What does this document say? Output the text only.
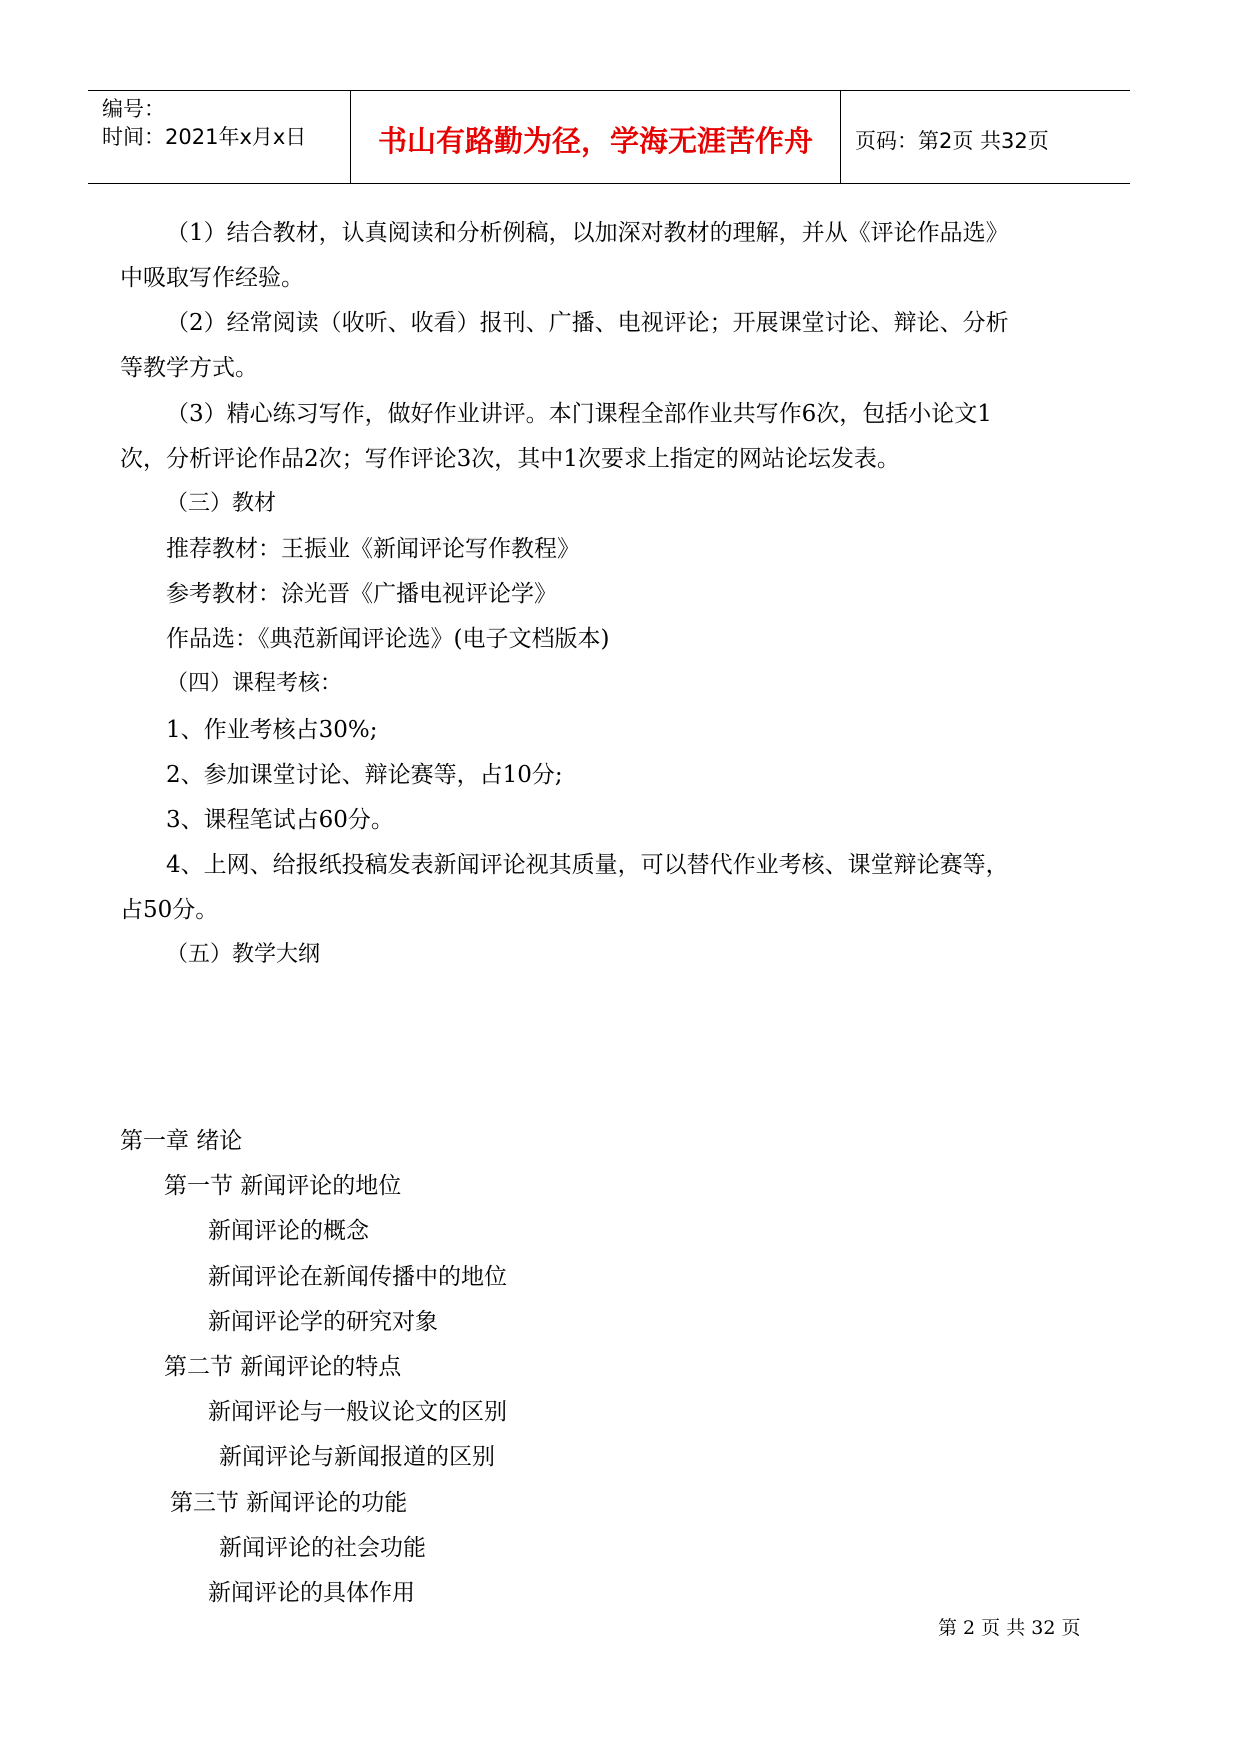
编号：
时间：2021年x月x日	书山有路勤为径，学海无涯苦作舟	页码：第2页 共32页
（1）结合教材，认真阅读和分析例稿，以加深对教材的理解，并从《评论作品选》
中吸取写作经验。
（2）经常阅读（收听、收看）报刊、广播、电视评论；开展课堂讨论、辩论、分析
等教学方式。
（3）精心练习写作，做好作业讲评。本门课程全部作业共写作6次，包括小论文1
次，分析评论作品2次；写作评论3次，其中1次要求上指定的网站论坛发表。
（三）教材
推荐教材：王振业《新闻评论写作教程》
参考教材：涂光晋《广播电视评论学》
作品选：《典范新闻评论选》(电子文档版本)
（四）课程考核：
1、作业考核占30%;
2、参加课堂讨论、辩论赛等，占10分;
3、课程笔试占60分。
4、上网、给报纸投稿发表新闻评论视其质量，可以替代作业考核、课堂辩论赛等，
占50分。
（五）教学大纲
第一章 绪论
第一节 新闻评论的地位
新闻评论的概念
新闻评论在新闻传播中的地位
新闻评论学的研究对象
第二节 新闻评论的特点
新闻评论与一般议论文的区别
新闻评论与新闻报道的区别
第三节 新闻评论的功能
新闻评论的社会功能
新闻评论的具体作用
第 2 页 共 32 页
